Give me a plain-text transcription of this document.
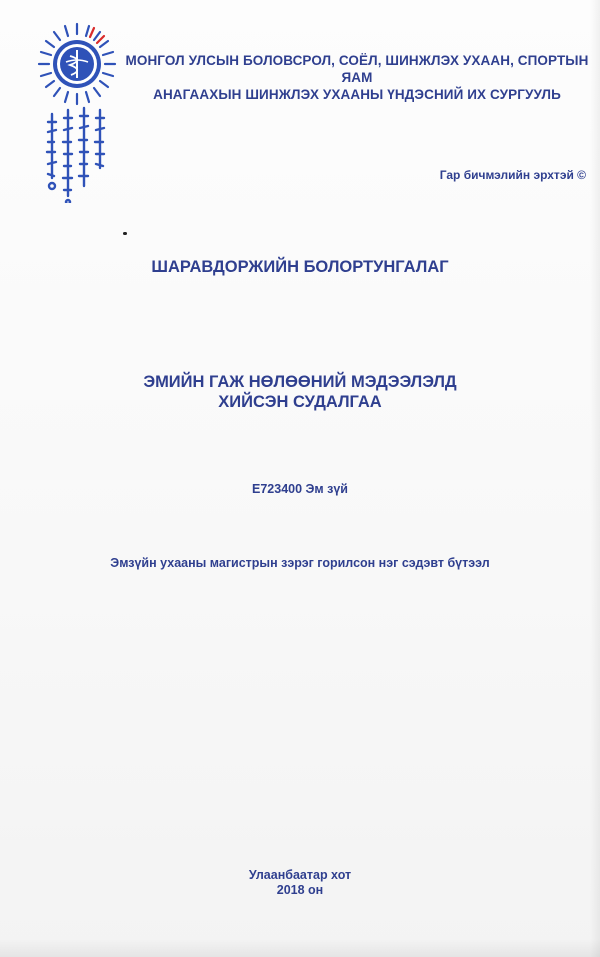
МОНГОЛ УЛСЫН БОЛОВСРОЛ, СОЁЛ, ШИНЖЛЭХ УХААН, СПОРТЫН ЯАМ
АНАГААХЫН ШИНЖЛЭХ УХААНЫ ҮНДЭСНИЙ ИХ СУРГУУЛЬ
Гар бичмэлийн эрхтэй ©
ШАРАВДОРЖИЙН БОЛОРТУНГАЛАГ
ЭМИЙН ГАЖ НӨЛӨӨНИЙ МЭДЭЭЛЭЛД
ХИЙСЭН СУДАЛГАА
E723400 Эм зүй
Эмзүйн ухааны магистрын зэрэг горилсон нэг сэдэвт бүтээл
Улаанбаатар хот
2018 он
